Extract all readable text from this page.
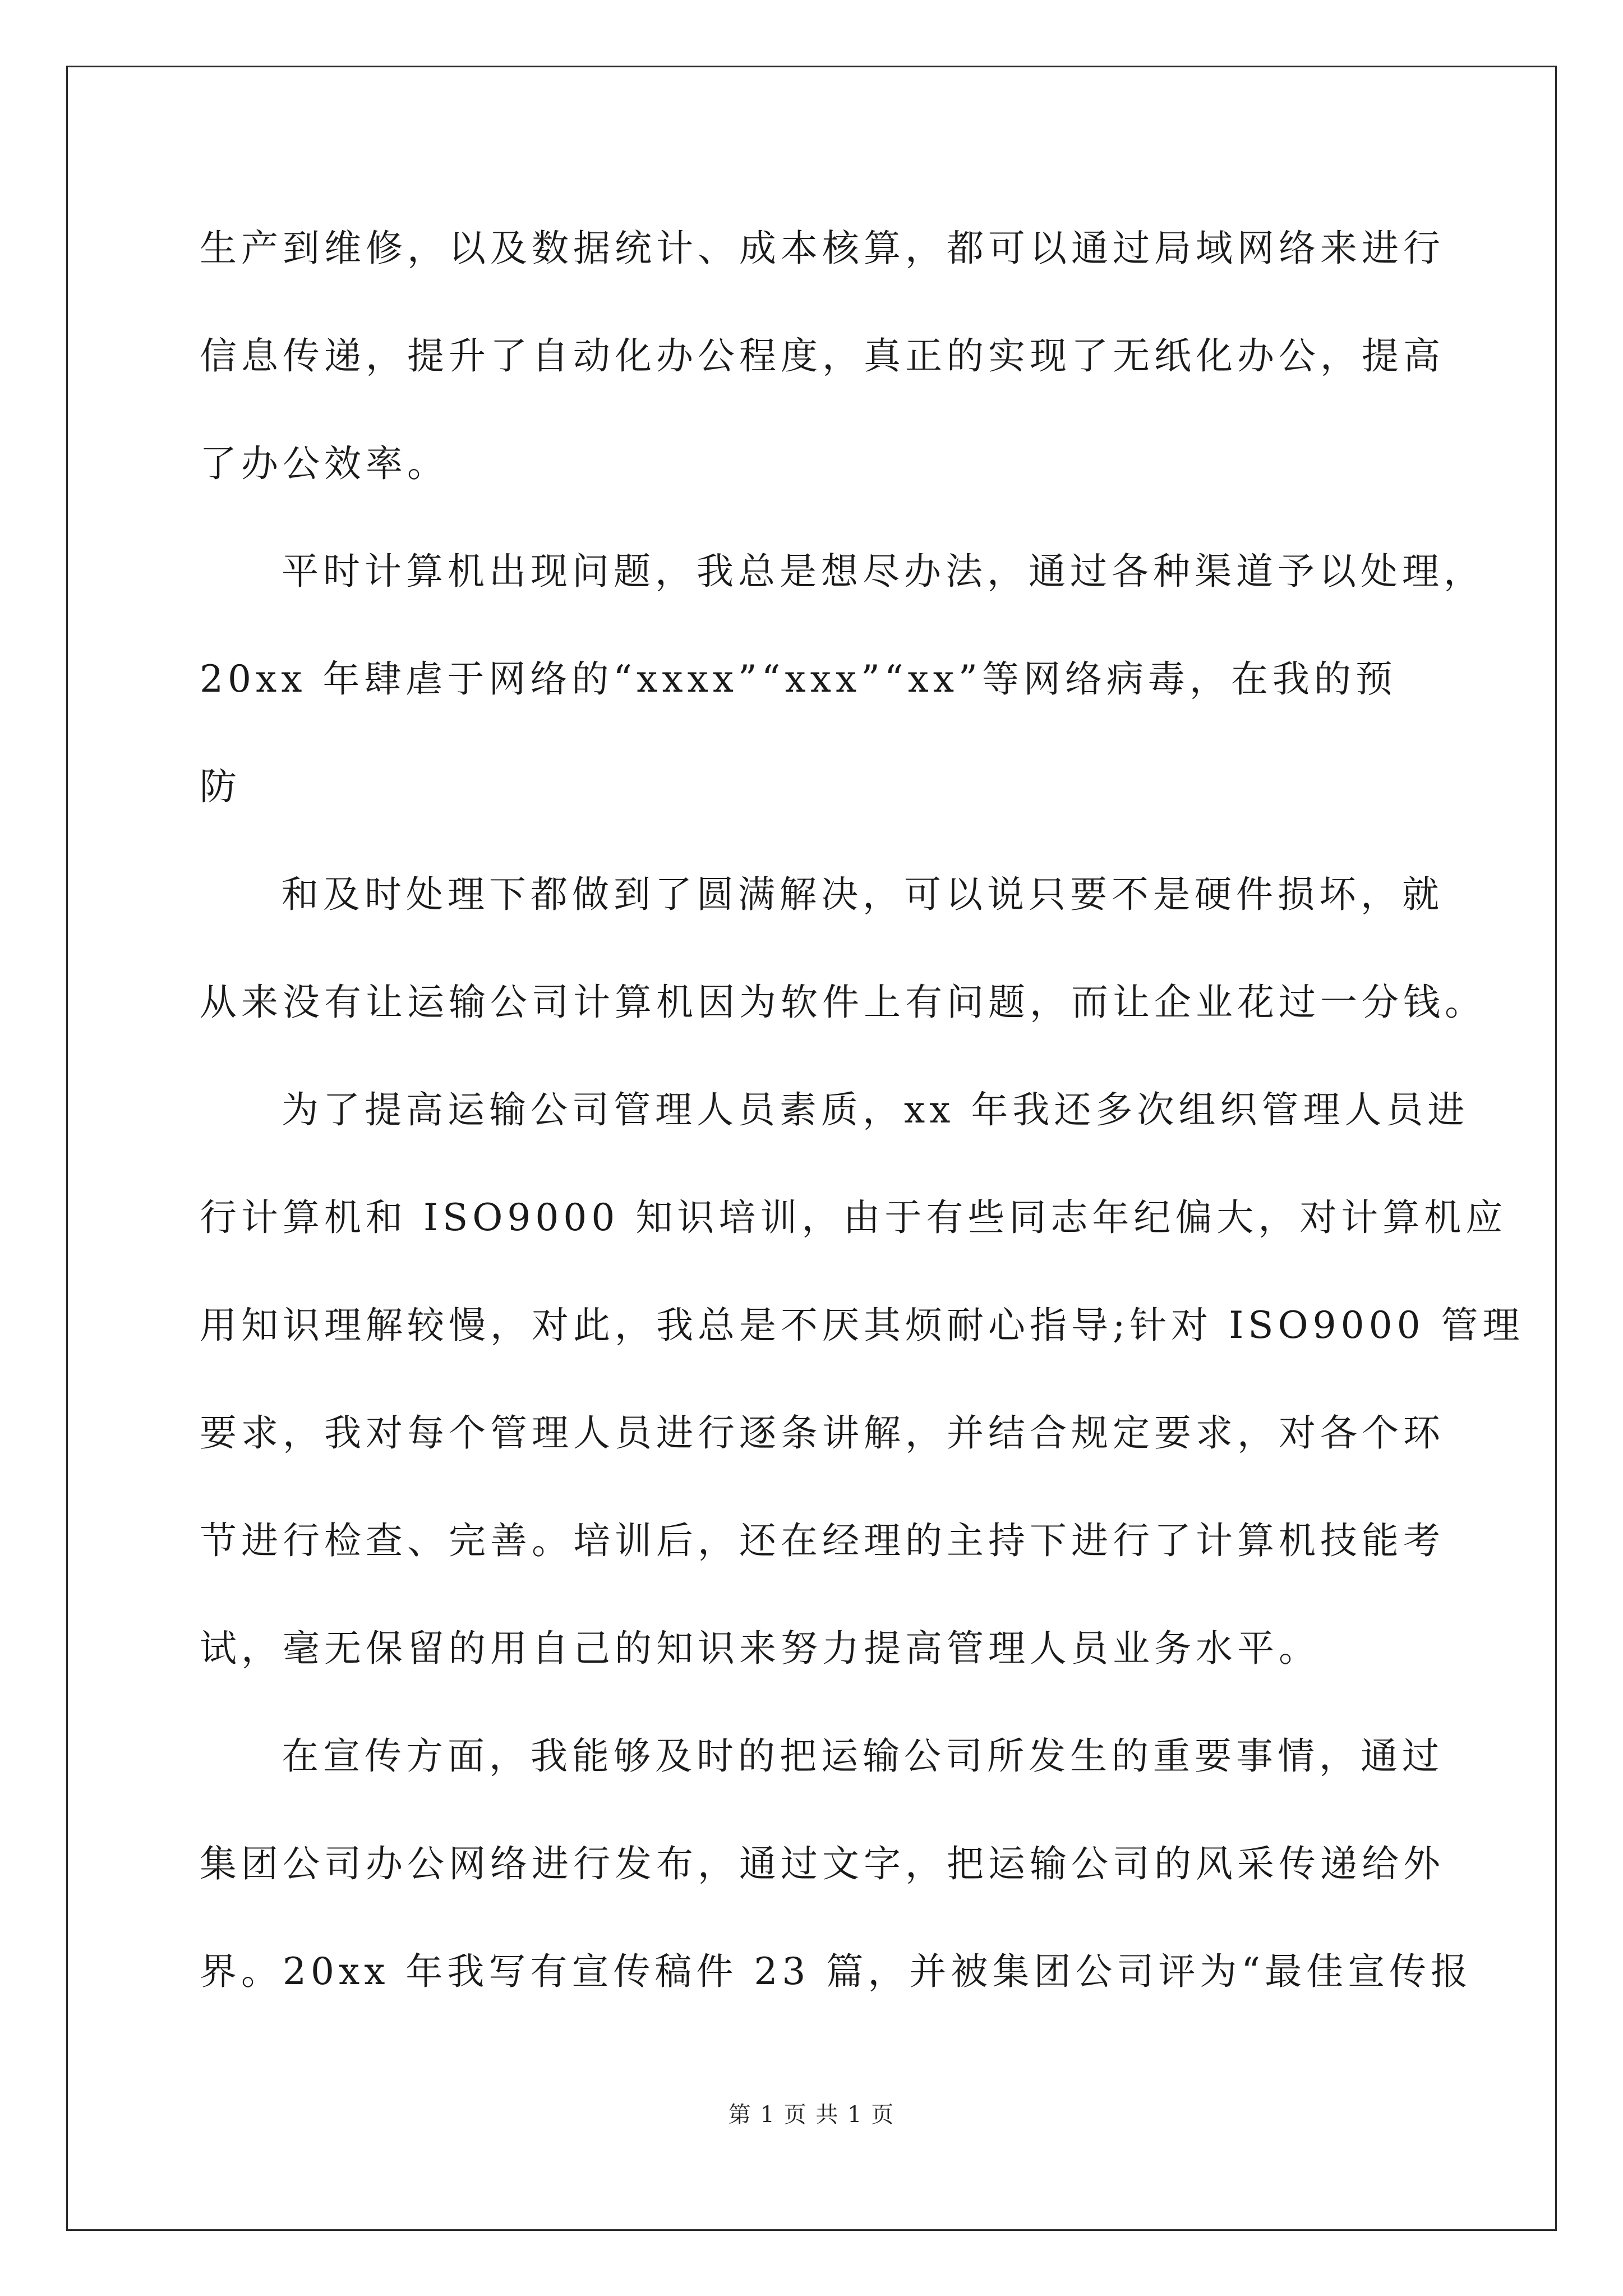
生产到维修，以及数据统计、成本核算，都可以通过局域网络来进行
信息传递，提升了自动化办公程度，真正的实现了无纸化办公，提高
了办公效率。
平时计算机出现问题，我总是想尽办法，通过各种渠道予以处理，
20xx 年肆虐于网络的“xxxx”“xxx”“xx”等网络病毒，在我的预
防
和及时处理下都做到了圆满解决，可以说只要不是硬件损坏，就
从来没有让运输公司计算机因为软件上有问题，而让企业花过一分钱。
为了提高运输公司管理人员素质，xx 年我还多次组织管理人员进
行计算机和 ISO9000 知识培训，由于有些同志年纪偏大，对计算机应
用知识理解较慢，对此，我总是不厌其烦耐心指导;针对 ISO9000 管理
要求，我对每个管理人员进行逐条讲解，并结合规定要求，对各个环
节进行检查、完善。培训后，还在经理的主持下进行了计算机技能考
试，毫无保留的用自己的知识来努力提高管理人员业务水平。
在宣传方面，我能够及时的把运输公司所发生的重要事情，通过
集团公司办公网络进行发布，通过文字，把运输公司的风采传递给外
界。20xx 年我写有宣传稿件 23 篇，并被集团公司评为“最佳宣传报
第 1 页 共 1 页
